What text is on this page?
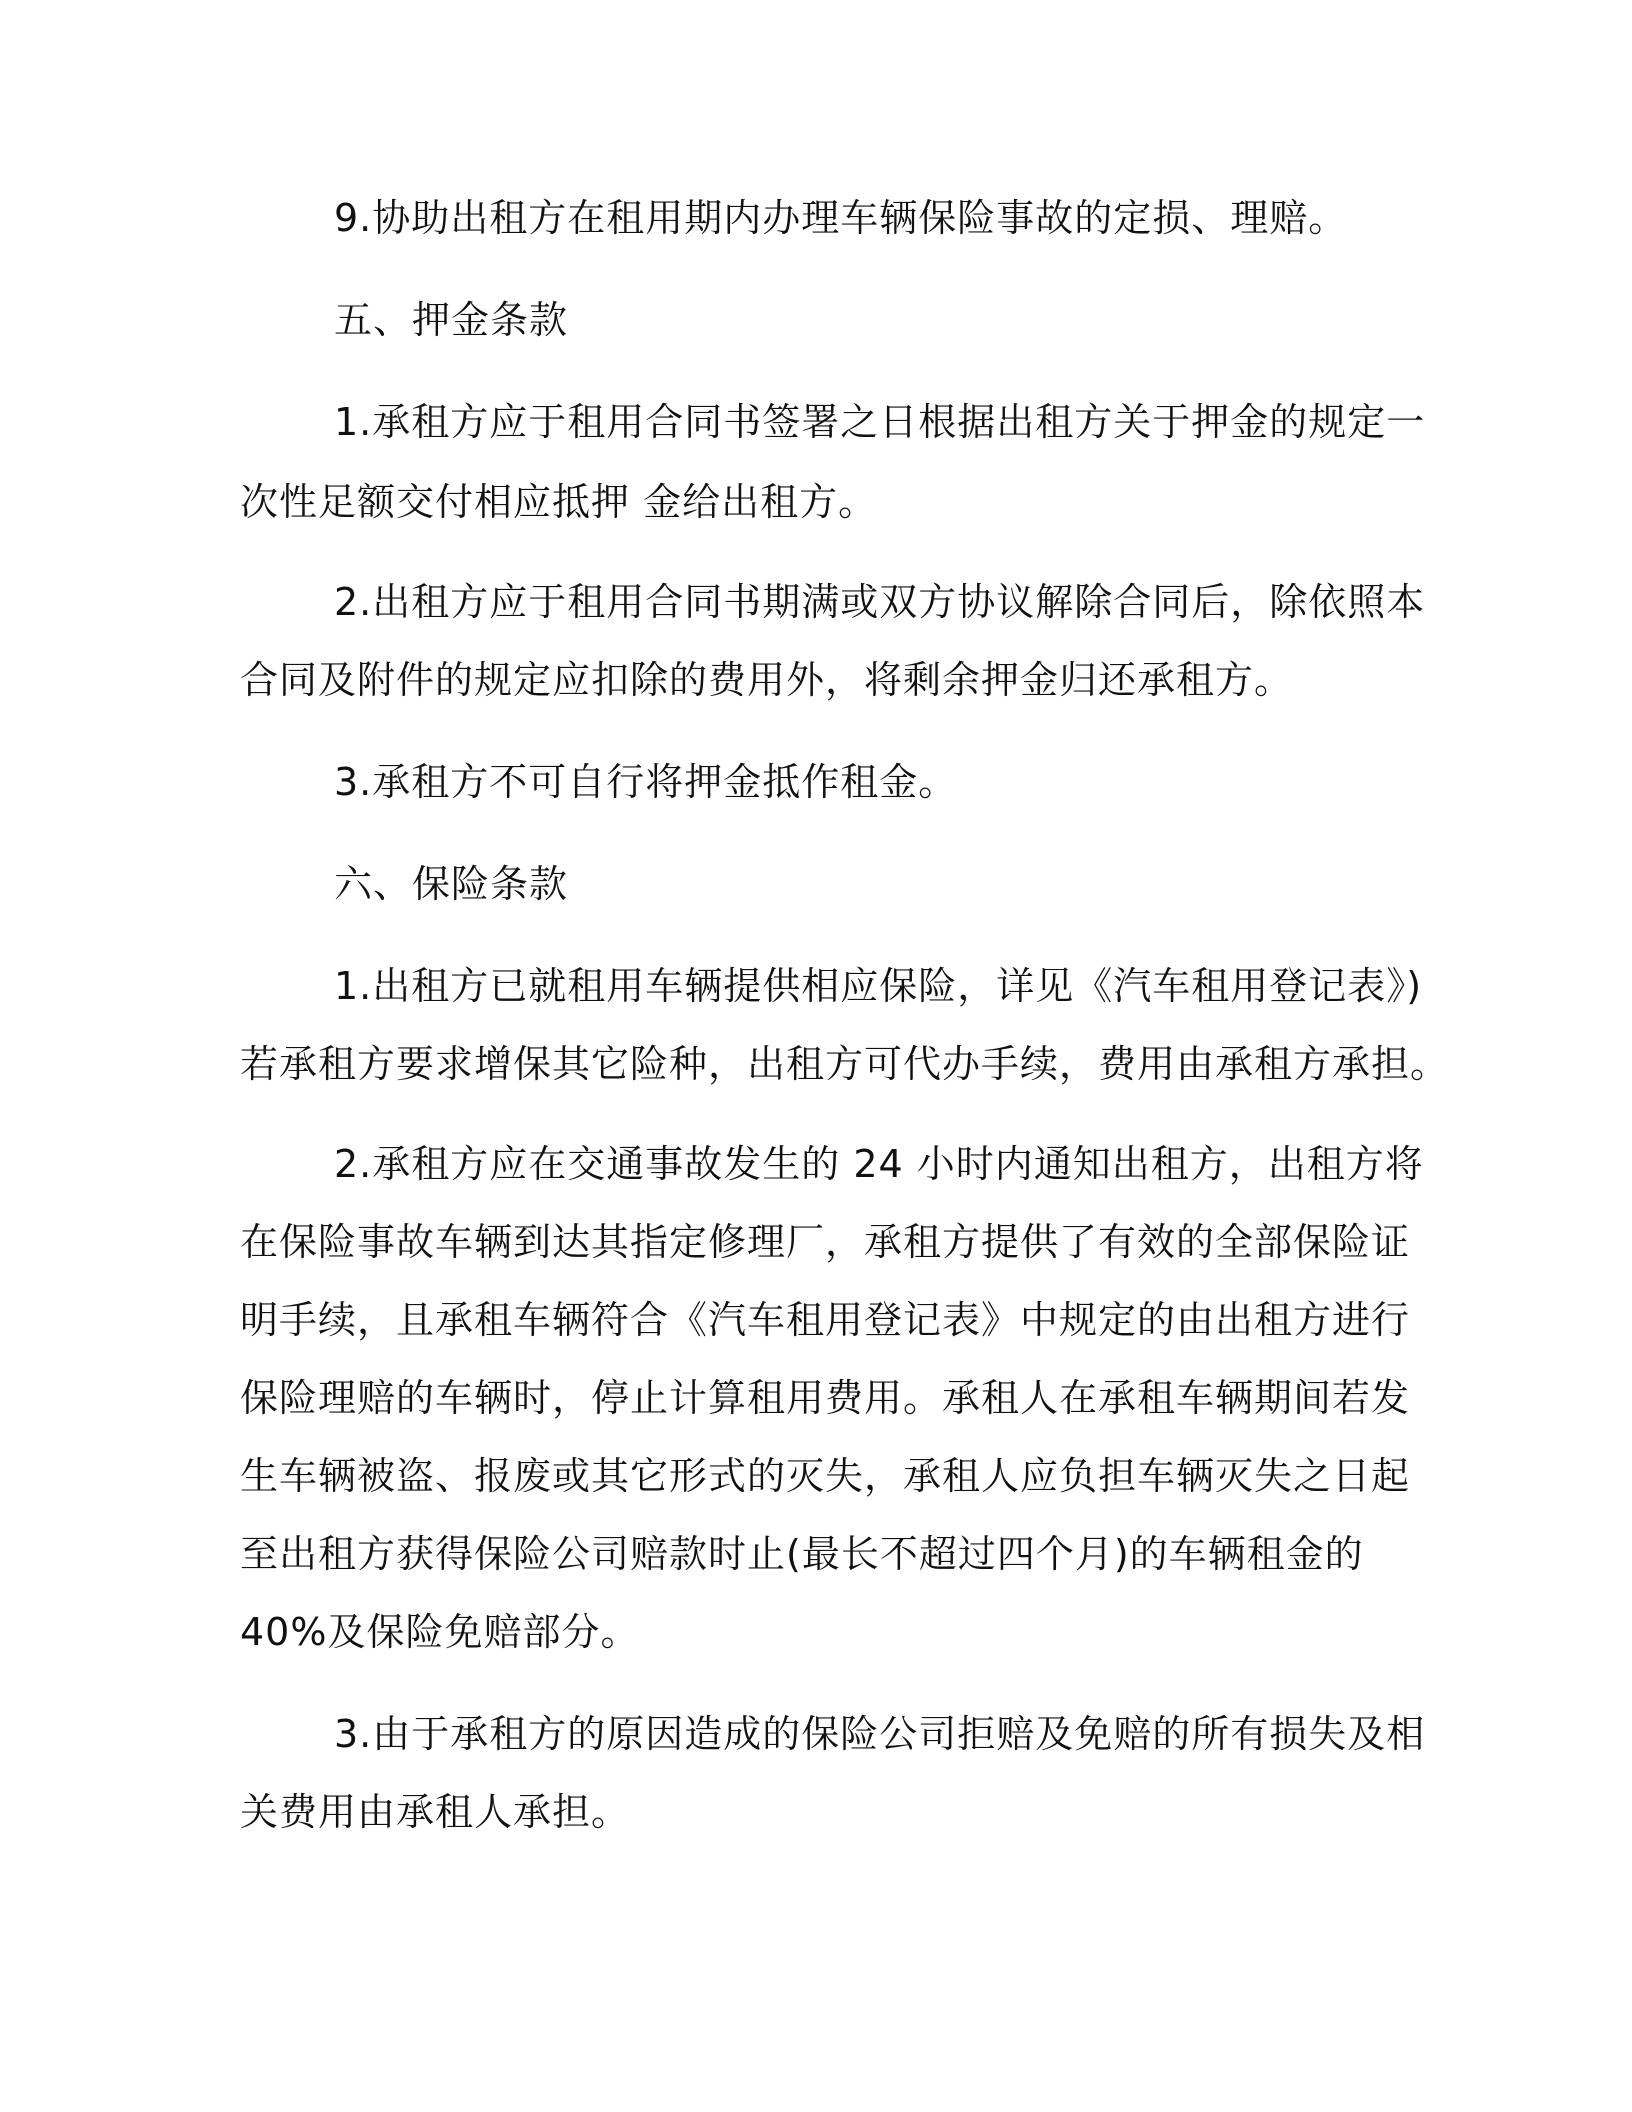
9.协助出租方在租用期内办理车辆保险事故的定损、理赔。
五、押金条款
1.承租方应于租用合同书签署之日根据出租方关于押金的规定一
次性足额交付相应抵押 金给出租方。
2.出租方应于租用合同书期满或双方协议解除合同后，除依照本
合同及附件的规定应扣除的费用外，将剩余押金归还承租方。
3.承租方不可自行将押金抵作租金。
六、保险条款
1.出租方已就租用车辆提供相应保险，详见《汽车租用登记表》)
若承租方要求增保其它险种，出租方可代办手续，费用由承租方承担。
2.承租方应在交通事故发生的 24 小时内通知出租方，出租方将
在保险事故车辆到达其指定修理厂，承租方提供了有效的全部保险证
明手续，且承租车辆符合《汽车租用登记表》中规定的由出租方进行
保险理赔的车辆时，停止计算租用费用。承租人在承租车辆期间若发
生车辆被盗、报废或其它形式的灭失，承租人应负担车辆灭失之日起
至出租方获得保险公司赔款时止(最长不超过四个月)的车辆租金的
40%及保险免赔部分。
3.由于承租方的原因造成的保险公司拒赔及免赔的所有损失及相
关费用由承租人承担。
